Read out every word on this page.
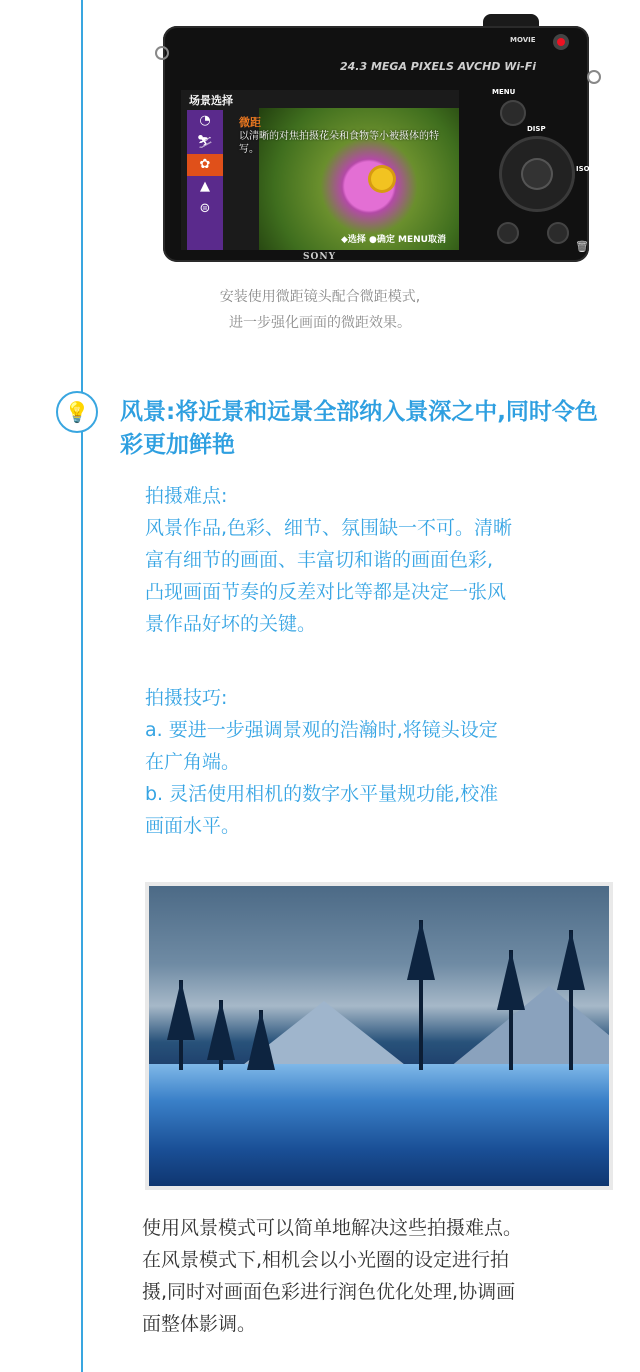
24.3 MEGA PIXELS AVCHD Wi-Fi
MOVIE
场景选择
◔
⛷
✿
▲
⊜
微距
以清晰的对焦拍摄花朵和食物等小被摄体的特写。
◆选择 ●确定 MENU取消
SONY
MENU
DISP
ISO
🗑
安装使用微距镜头配合微距模式,
进一步强化画面的微距效果。
💡 风景:将近景和远景全部纳入景深之中,同时令色彩更加鲜艳
拍摄难点:
风景作品,色彩、细节、氛围缺一不可。清晰
富有细节的画面、丰富切和谐的画面色彩,
凸现画面节奏的反差对比等都是决定一张风
景作品好坏的关键。
拍摄技巧:
a. 要进一步强调景观的浩瀚时,将镜头设定
在广角端。
b. 灵活使用相机的数字水平量规功能,校准
画面水平。
使用风景模式可以简单地解决这些拍摄难点。
在风景模式下,相机会以小光圈的设定进行拍
摄,同时对画面色彩进行润色优化处理,协调画
面整体影调。
